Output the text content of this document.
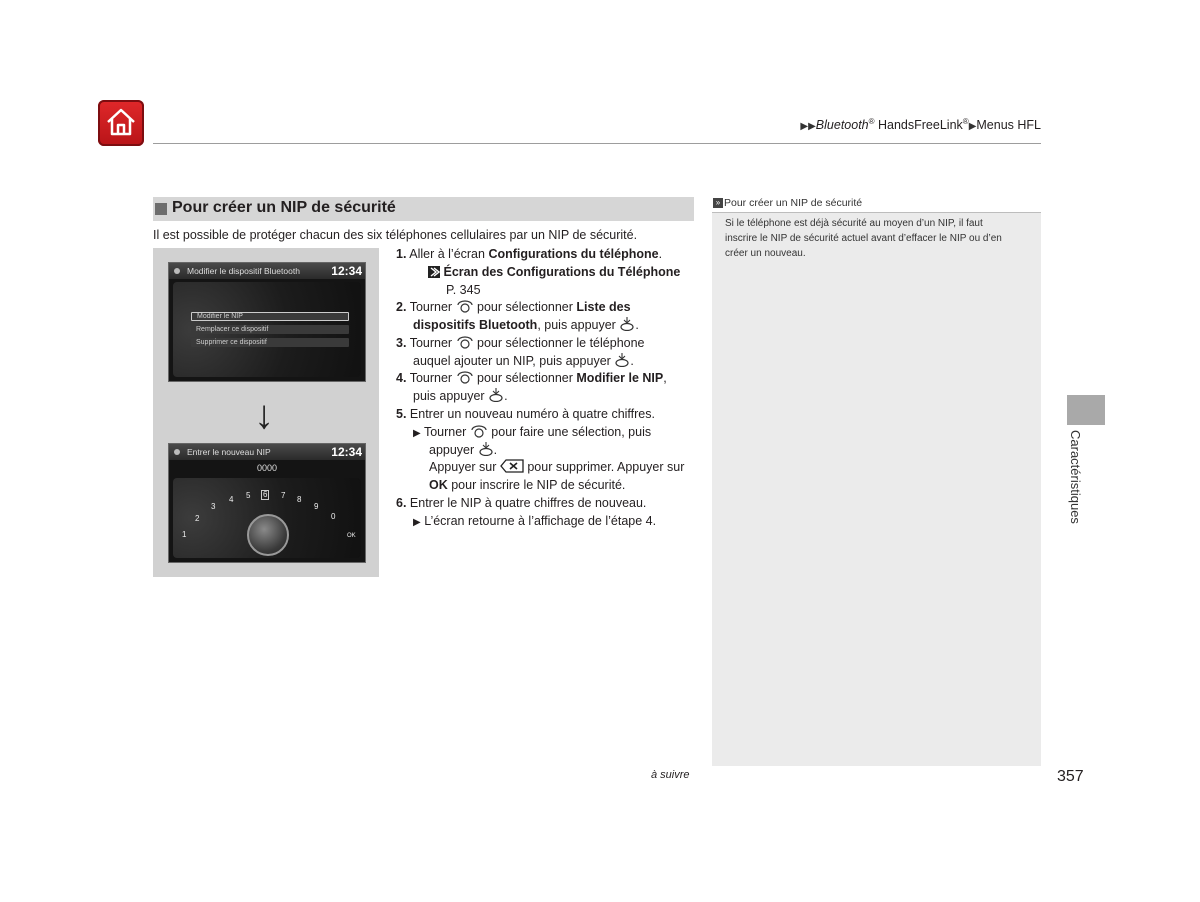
▶▶Bluetooth® HandsFreeLink®▶Menus HFL
Pour créer un NIP de sécurité
Il est possible de protéger chacun des six téléphones cellulaires par un NIP de sécurité.
Modifier le dispositif Bluetooth	12:34
Modifier le NIP
Remplacer ce dispositif
Supprimer ce dispositif
↓
Entrer le nouveau NIP	12:34
0000
1
2
3
4 5 6 7 8
9
0
OK
1. Aller à l’écran Configurations du téléphone.
Écran des Configurations du Téléphone
P. 345
2. Tourner  pour sélectionner Liste des
dispositifs Bluetooth, puis appuyer .
3. Tourner  pour sélectionner le téléphone
auquel ajouter un NIP, puis appuyer .
4. Tourner  pour sélectionner Modifier le NIP,
puis appuyer .
5. Entrer un nouveau numéro à quatre chiffres.
▶ Tourner  pour faire une sélection, puis
appuyer .
Appuyer sur  pour supprimer. Appuyer sur
OK pour inscrire le NIP de sécurité.
6. Entrer le NIP à quatre chiffres de nouveau.
▶ L’écran retourne à l’affichage de l’étape 4.
» Pour créer un NIP de sécurité
Si le téléphone est déjà sécurité au moyen d’un NIP, il faut
inscrire le NIP de sécurité actuel avant d’effacer le NIP ou d’en
créer un nouveau.
Caractéristiques
à suivre	357
